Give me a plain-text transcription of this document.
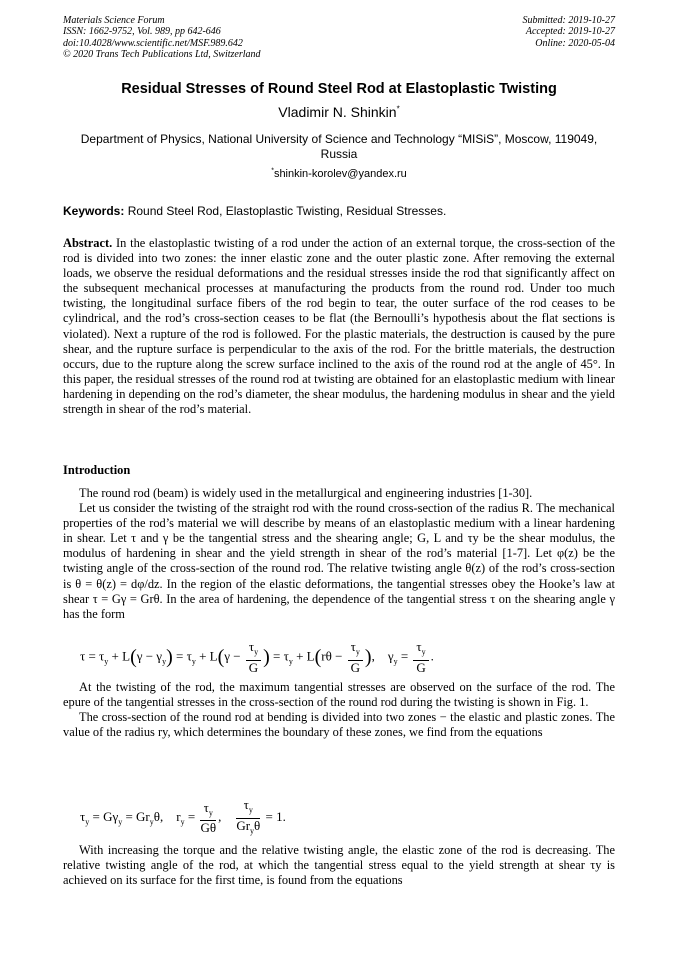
Materials Science Forum
ISSN: 1662-9752, Vol. 989, pp 642-646
doi:10.4028/www.scientific.net/MSF.989.642
© 2020 Trans Tech Publications Ltd, Switzerland
Submitted: 2019-10-27
Accepted: 2019-10-27
Online: 2020-05-04
Residual Stresses of Round Steel Rod at Elastoplastic Twisting
Vladimir N. Shinkin*
Department of Physics, National University of Science and Technology “MISiS”, Moscow, 119049,
Russia
*shinkin-korolev@yandex.ru
Keywords: Round Steel Rod, Elastoplastic Twisting, Residual Stresses.
Abstract. In the elastoplastic twisting of a rod under the action of an external torque, the cross-section of the rod is divided into two zones: the inner elastic zone and the outer plastic zone. After removing the external loads, we observe the residual deformations and the residual stresses inside the rod that significantly affect on the subsequent mechanical processes at manufacturing the products from the round rod. Under too much twisting, the longitudinal surface fibers of the rod begin to tear, the outer surface of the rod ceases to be cylindrical, and the rod’s cross-section ceases to be flat (the Bernoulli’s hypothesis about the flat sections is violated). Next a rupture of the rod is followed. For the plastic materials, the destruction is caused by the pure shear, and the rupture surface is perpendicular to the axis of the rod. For the brittle materials, the destruction occurs, due to the rupture along the screw surface inclined to the axis of the round rod at the angle of 45°. In this paper, the residual stresses of the round rod at twisting are obtained for an elastoplastic medium with linear hardening in depending on the rod’s diameter, the shear modulus, the hardening modulus in shear and the yield strength in shear of the rod’s material.
Introduction

The round rod (beam) is widely used in the metallurgical and engineering industries [1-30].

Let us consider the twisting of the straight rod with the round cross-section of the radius R. The mechanical properties of the rod’s material we will describe by means of an elastoplastic medium with a linear hardening in shear. Let τ and γ be the tangential stress and the shearing angle; G, L and τy be the shear modulus, the modulus of hardening in shear and the yield strength in shear of the rod’s material [1-7]. Let φ(z) be the twisting angle of the cross-section of the round rod. The relative twisting angle θ(z) of the rod’s cross-section is θ = θ(z) = dφ/dz. In the region of the elastic deformations, the tangential stresses obey the Hooke’s law at shear τ = Gγ = Grθ. In the area of hardening, the dependence of the tangential stress τ on the shearing angle γ has the form

$\tau = \tau_y + L(\gamma - \gamma_y) = \tau_y + L(\gamma - \frac{\tau_y}{G}$ ) = $\tau_y + L(r\theta - \frac{\tau_y}{G}$ ), $\gamma_y = \frac{\tau_y}{G}$ .

At the twisting of the rod, the maximum tangential stresses are observed on the surface of the rod. The epure of the tangential stresses in the cross-section of the round rod during the twisting is shown in Fig. 1.

The cross-section of the round rod at bending is divided into two zones − the elastic and plastic zones. The value of the radius ry, which determines the boundary of these zones, we find from the equations

$\tau_y = G\gamma_y = Gr_y\theta$, $r_y = \frac{\tau_y}{G\theta}$ , $\frac{\tau_y}{Gr_y\theta} = 1$.

With increasing the torque and the relative twisting angle, the elastic zone of the rod is decreasing. The relative twisting angle of the rod, at which the tangential stress equal to the yield strength at shear τy is achieved on its surface for the first time, is found from the equations
